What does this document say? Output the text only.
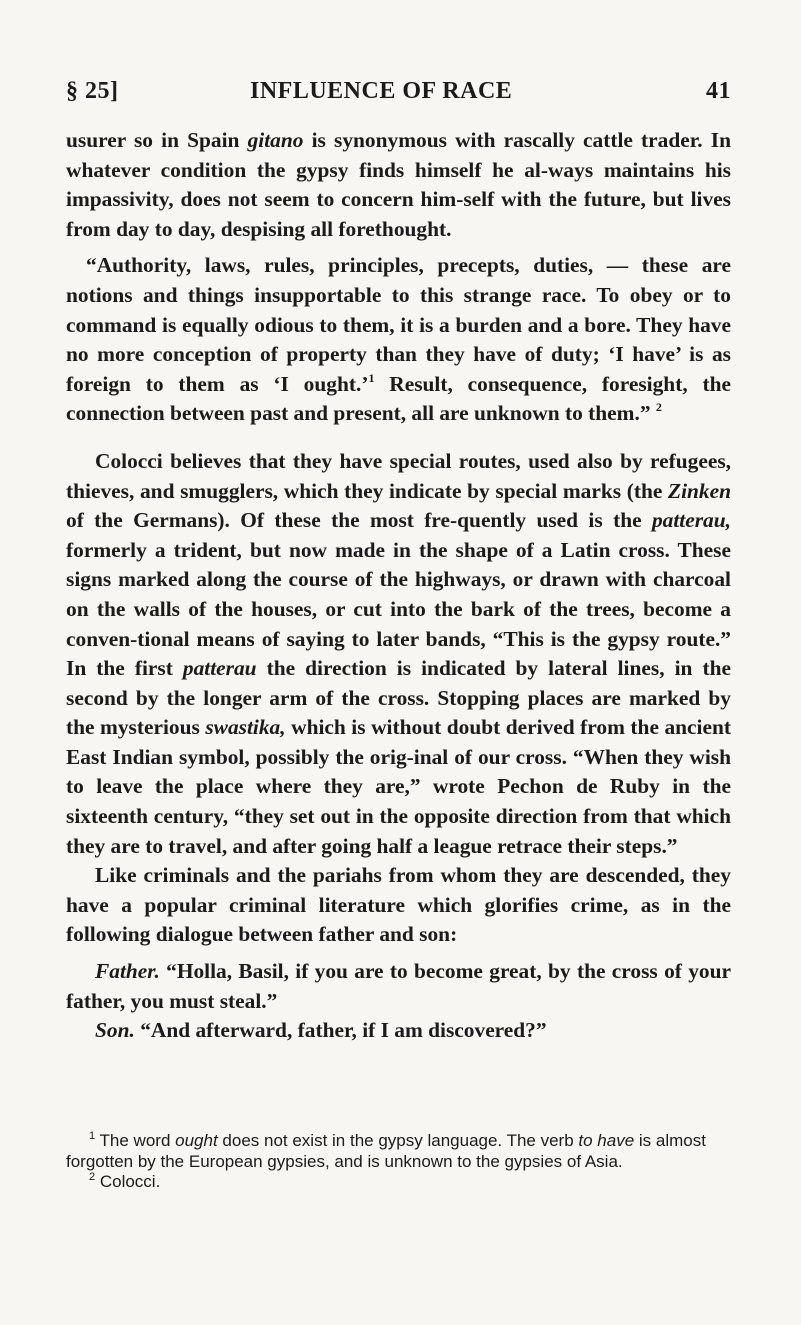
§ 25]	INFLUENCE OF RACE	41

usurer so in Spain gitano is synonymous with rascally cattle trader. In whatever condition the gypsy finds himself he al-ways maintains his impassivity, does not seem to concern him-self with the future, but lives from day to day, despising all forethought.

“Authority, laws, rules, principles, precepts, duties, — these are notions and things insupportable to this strange race. To obey or to command is equally odious to them, it is a burden and a bore. They have no more conception of property than they have of duty; ‘I have’ is as foreign to them as ‘I ought.’$^1$ Result, consequence, foresight, the connection between past and present, all are unknown to them.” $^2$

Colocci believes that they have special routes, used also by refugees, thieves, and smugglers, which they indicate by special marks (the Zinken of the Germans). Of these the most fre-quently used is the patterau, formerly a trident, but now made in the shape of a Latin cross. These signs marked along the course of the highways, or drawn with charcoal on the walls of the houses, or cut into the bark of the trees, become a conven-tional means of saying to later bands, “This is the gypsy route.” In the first patterau the direction is indicated by lateral lines, in the second by the longer arm of the cross. Stopping places are marked by the mysterious swastika, which is without doubt derived from the ancient East Indian symbol, possibly the orig-inal of our cross. “When they wish to leave the place where they are,” wrote Pechon de Ruby in the sixteenth century, “they set out in the opposite direction from that which they are to travel, and after going half a league retrace their steps.”

Like criminals and the pariahs from whom they are descended, they have a popular criminal literature which glorifies crime, as in the following dialogue between father and son:

Father. “Holla, Basil, if you are to become great, by the cross of your father, you must steal.”

Son. “And afterward, father, if I am discovered?”

$^1$ The word ought does not exist in the gypsy language. The verb to have is almost forgotten by the European gypsies, and is unknown to the gypsies of Asia.

$^2$ Colocci.
